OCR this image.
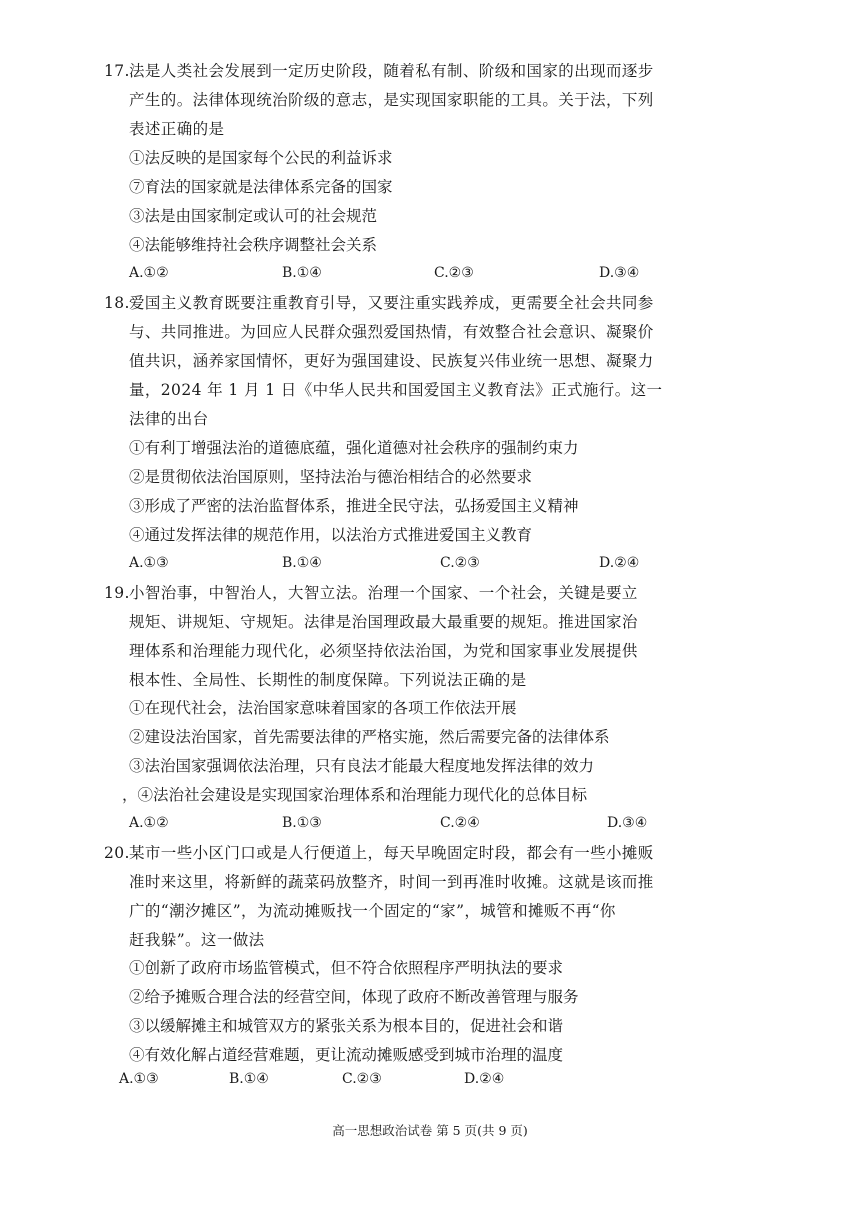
17. 法是人类社会发展到一定历史阶段，随着私有制、阶级和国家的出现而逐步
产生的。法律体现统治阶级的意志，是实现国家职能的工具。关于法，下列
表述正确的是
①法反映的是国家每个公民的利益诉求
⑦育法的国家就是法律体系完备的国家
③法是由国家制定或认可的社会规范
④法能够维持社会秩序调整社会关系
A.①②	B.①④	C.②③	D.③④
18. 爱国主义教育既要注重教育引导，又要注重实践养成，更需要全社会共同参
与、共同推进。为回应人民群众强烈爱国热情，有效整合社会意识、凝聚价
值共识，涵养家国情怀，更好为强国建设、民族复兴伟业统一思想、凝聚力
量，2024 年 1 月 1 日《中华人民共和国爱国主义教育法》正式施行。这一
法律的出台
①有利丁增强法治的道德底蕴，强化道德对社会秩序的强制约束力
②是贯彻依法治国原则，坚持法治与德治相结合的必然要求
③形成了严密的法治监督体系，推进全民守法，弘扬爱国主义精神
④通过发挥法律的规范作用，以法治方式推进爱国主义教育
A.①③	B.①④	C.②③	D.②④
19. 小智治事，中智治人，大智立法。治理一个国家、一个社会，关键是要立
规矩、讲规矩、守规矩。法律是治国理政最大最重要的规矩。推进国家治
理体系和治理能力现代化，必须坚持依法治国，为党和国家事业发展提供
根本性、全局性、长期性的制度保障。下列说法正确的是
①在现代社会，法治国家意味着国家的各项工作依法开展
②建设法治国家，首先需要法律的严格实施，然后需要完备的法律体系
③法治国家强调依法治理，只有良法才能最大程度地发挥法律的效力
，④法治社会建设是实现国家治理体系和治理能力现代化的总体目标
A.①②	B.①③	C.②④	D.③④
20. 某市一些小区门口或是人行便道上，每天早晚固定时段，都会有一些小摊贩
准时来这里，将新鲜的蔬菜码放整齐，时间一到再准时收摊。这就是该而推
广的“潮汐摊区”，为流动摊贩找一个固定的“家”，城管和摊贩不再“你
赶我躲”。这一做法
①创新了政府市场监管模式，但不符合依照程序严明执法的要求
②给予摊贩合理合法的经营空间，体现了政府不断改善管理与服务
③以缓解摊主和城管双方的紧张关系为根本目的，促进社会和谐
④有效化解占道经营难题，更让流动摊贩感受到城市治理的温度
A.①③	B.①④	C.②③	D.②④
高一思想政治试卷 第 5 页(共 9 页)
